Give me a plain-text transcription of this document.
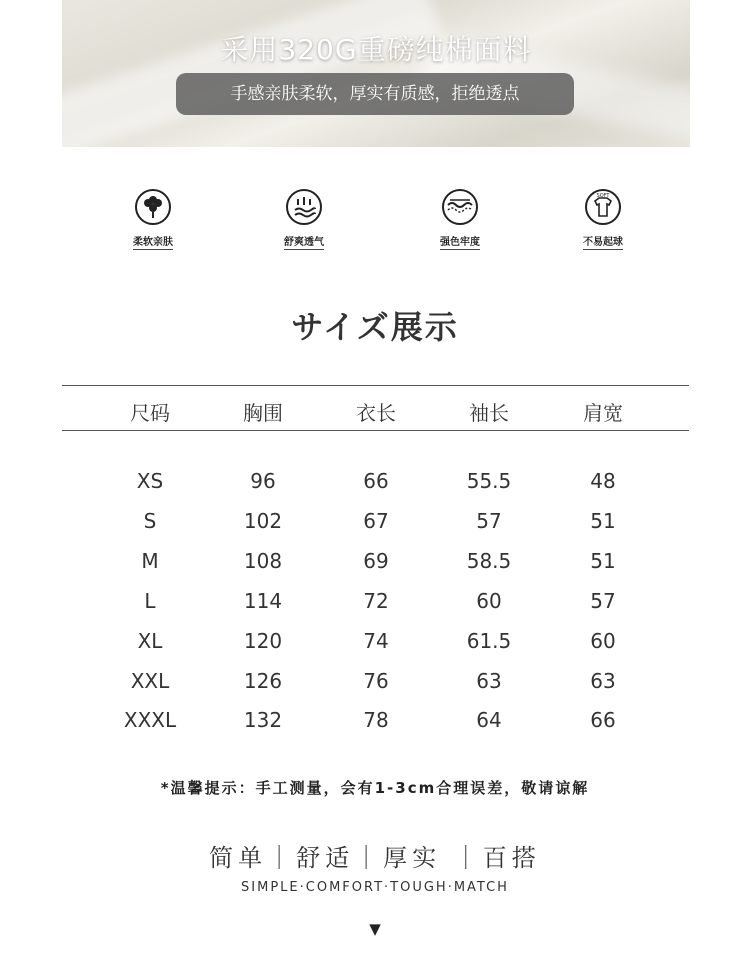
采用320G重磅纯棉面料
手感亲肤柔软，厚实有质感，拒绝透点
柔软亲肤	舒爽透气	强色牢度
SOFT
不易起球
サイズ展示
尺码	胸围	衣长	袖长	肩宽
XS	96	66	55.5	48
S	102	67	57	51
M	108	69	58.5	51
L	114	72	60	57
XL	120	74	61.5	60
XXL	126	76	63	63
XXXL	132	78	64	66
*温馨提示：手工测量，会有1-3cm合理误差，敬请谅解
简单｜舒适｜厚实 ｜百搭
SIMPLE·COMFORT·TOUGH·MATCH
▼
